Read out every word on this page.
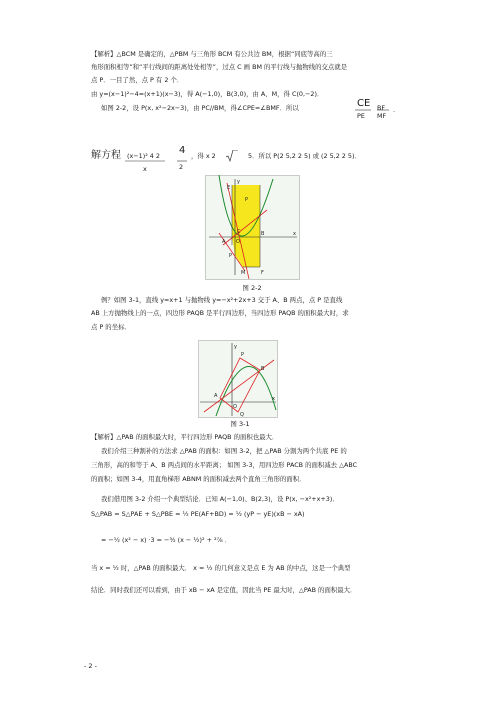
【解析】△BCM 是确定的，△PBM 与三角形 BCM 有公共边 BM，根据“同底等高的三
角形面积相等”和“平行线间的距离处处相等”，过点 C 画 BM 的平行线与抛物线的交点就是
点 P．一目了然，点 P 有 2 个．
由 y=(x−1)²−4=(x+1)(x−3)，得 A(−1,0)，B(3,0)，由 A、M，得 C(0,−2)．
如图 2-2，设 P(x, x²−2x−3)，由 PC//BM，得∠CPE=∠BMF．所以	CE
PE
BF
MF
.
解方程 (x−1)² 4 2
x
4
2
，得 x 2	5．所以 P(2 5,2 2 5) 或 (2 5,2 2 5)．
y
x
E
C
A O
B
M	F
P
P
图 2-2
例？如图 3-1，直线 y=x+1 与抛物线 y=−x²+2x+3 交于 A、B 两点，点 P 是直线
AB 上方抛物线上的一点，四边形 PAQB 是平行四边形，当四边形 PAQB 的面积最大时，求
点 P 的坐标．
y
x
P
B
A
O
Q
图 3-1
【解析】△PAB 的面积最大时，平行四边形 PAQB 的面积也最大．
我们介绍三种割补的方法求 △PAB 的面积：如图 3-2，把 △PAB 分割为两个共底 PE 的
三角形，高的和等于 A、B 两点间的水平距离； 如图 3-3，用四边形 PACB 的面积减去 △ABC
的面积；如图 3-4，用直角梯形 ABNM 的面积减去两个直角三角形的面积．
我们借用图 3-2 介绍一个典型结论．已知 A(−1,0)、B(2,3)，设 P(x, −x²+x+3)．
S△PAB = S△PAE + S△PBE = ½ PE(AF+BD) = ½ (yP − yE)(xB − xA)
= −½ (x² − x) ·3 = −³⁄₂ (x − ½)² + ²⁷⁄₈ ．
当 x = ½ 时，△PAB 的面积最大． x = ½ 的几何意义是点 E 为 AB 的中点，这是一个典型
结论．同时我们还可以看到，由于 xB − xA 是定值，因此当 PE 最大时，△PAB 的面积最大．
- 2 -
